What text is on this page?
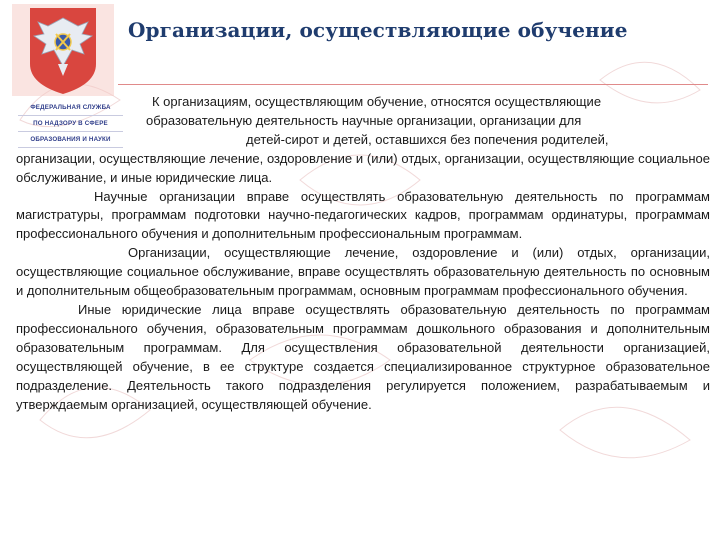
ФЕДЕРАЛЬНАЯ СЛУЖБА
ПО НАДЗОРУ В СФЕРЕ
ОБРАЗОВАНИЯ И НАУКИ
Организации, осуществляющие обучение

К организациям, осуществляющим обучение, относятся осуществляющие
образовательную деятельность научные организации, организации для
детей-сирот и детей, оставшихся без попечения родителей,
организации, осуществляющие лечение, оздоровление и (или) отдых, организации, осуществляющие социальное обслуживание, и иные юридические лица.

Научные организации вправе осуществлять образовательную деятельность по программам магистратуры, программам подготовки научно-педагогических кадров, программам ординатуры, программам профессионального обучения и дополнительным профессиональным программам.

Организации, осуществляющие лечение, оздоровление и (или) отдых, организации, осуществляющие социальное обслуживание, вправе осуществлять образовательную деятельность по основным и дополнительным общеобразовательным программам, основным программам профессионального обучения.

Иные юридические лица вправе осуществлять образовательную деятельность по программам профессионального обучения, образовательным программам дошкольного образования и дополнительным образовательным программам. Для осуществления образовательной деятельности организацией, осуществляющей обучение, в ее структуре создается специализированное структурное образовательное подразделение. Деятельность такого подразделения регулируется положением, разрабатываемым и утверждаемым организацией, осуществляющей обучение.
